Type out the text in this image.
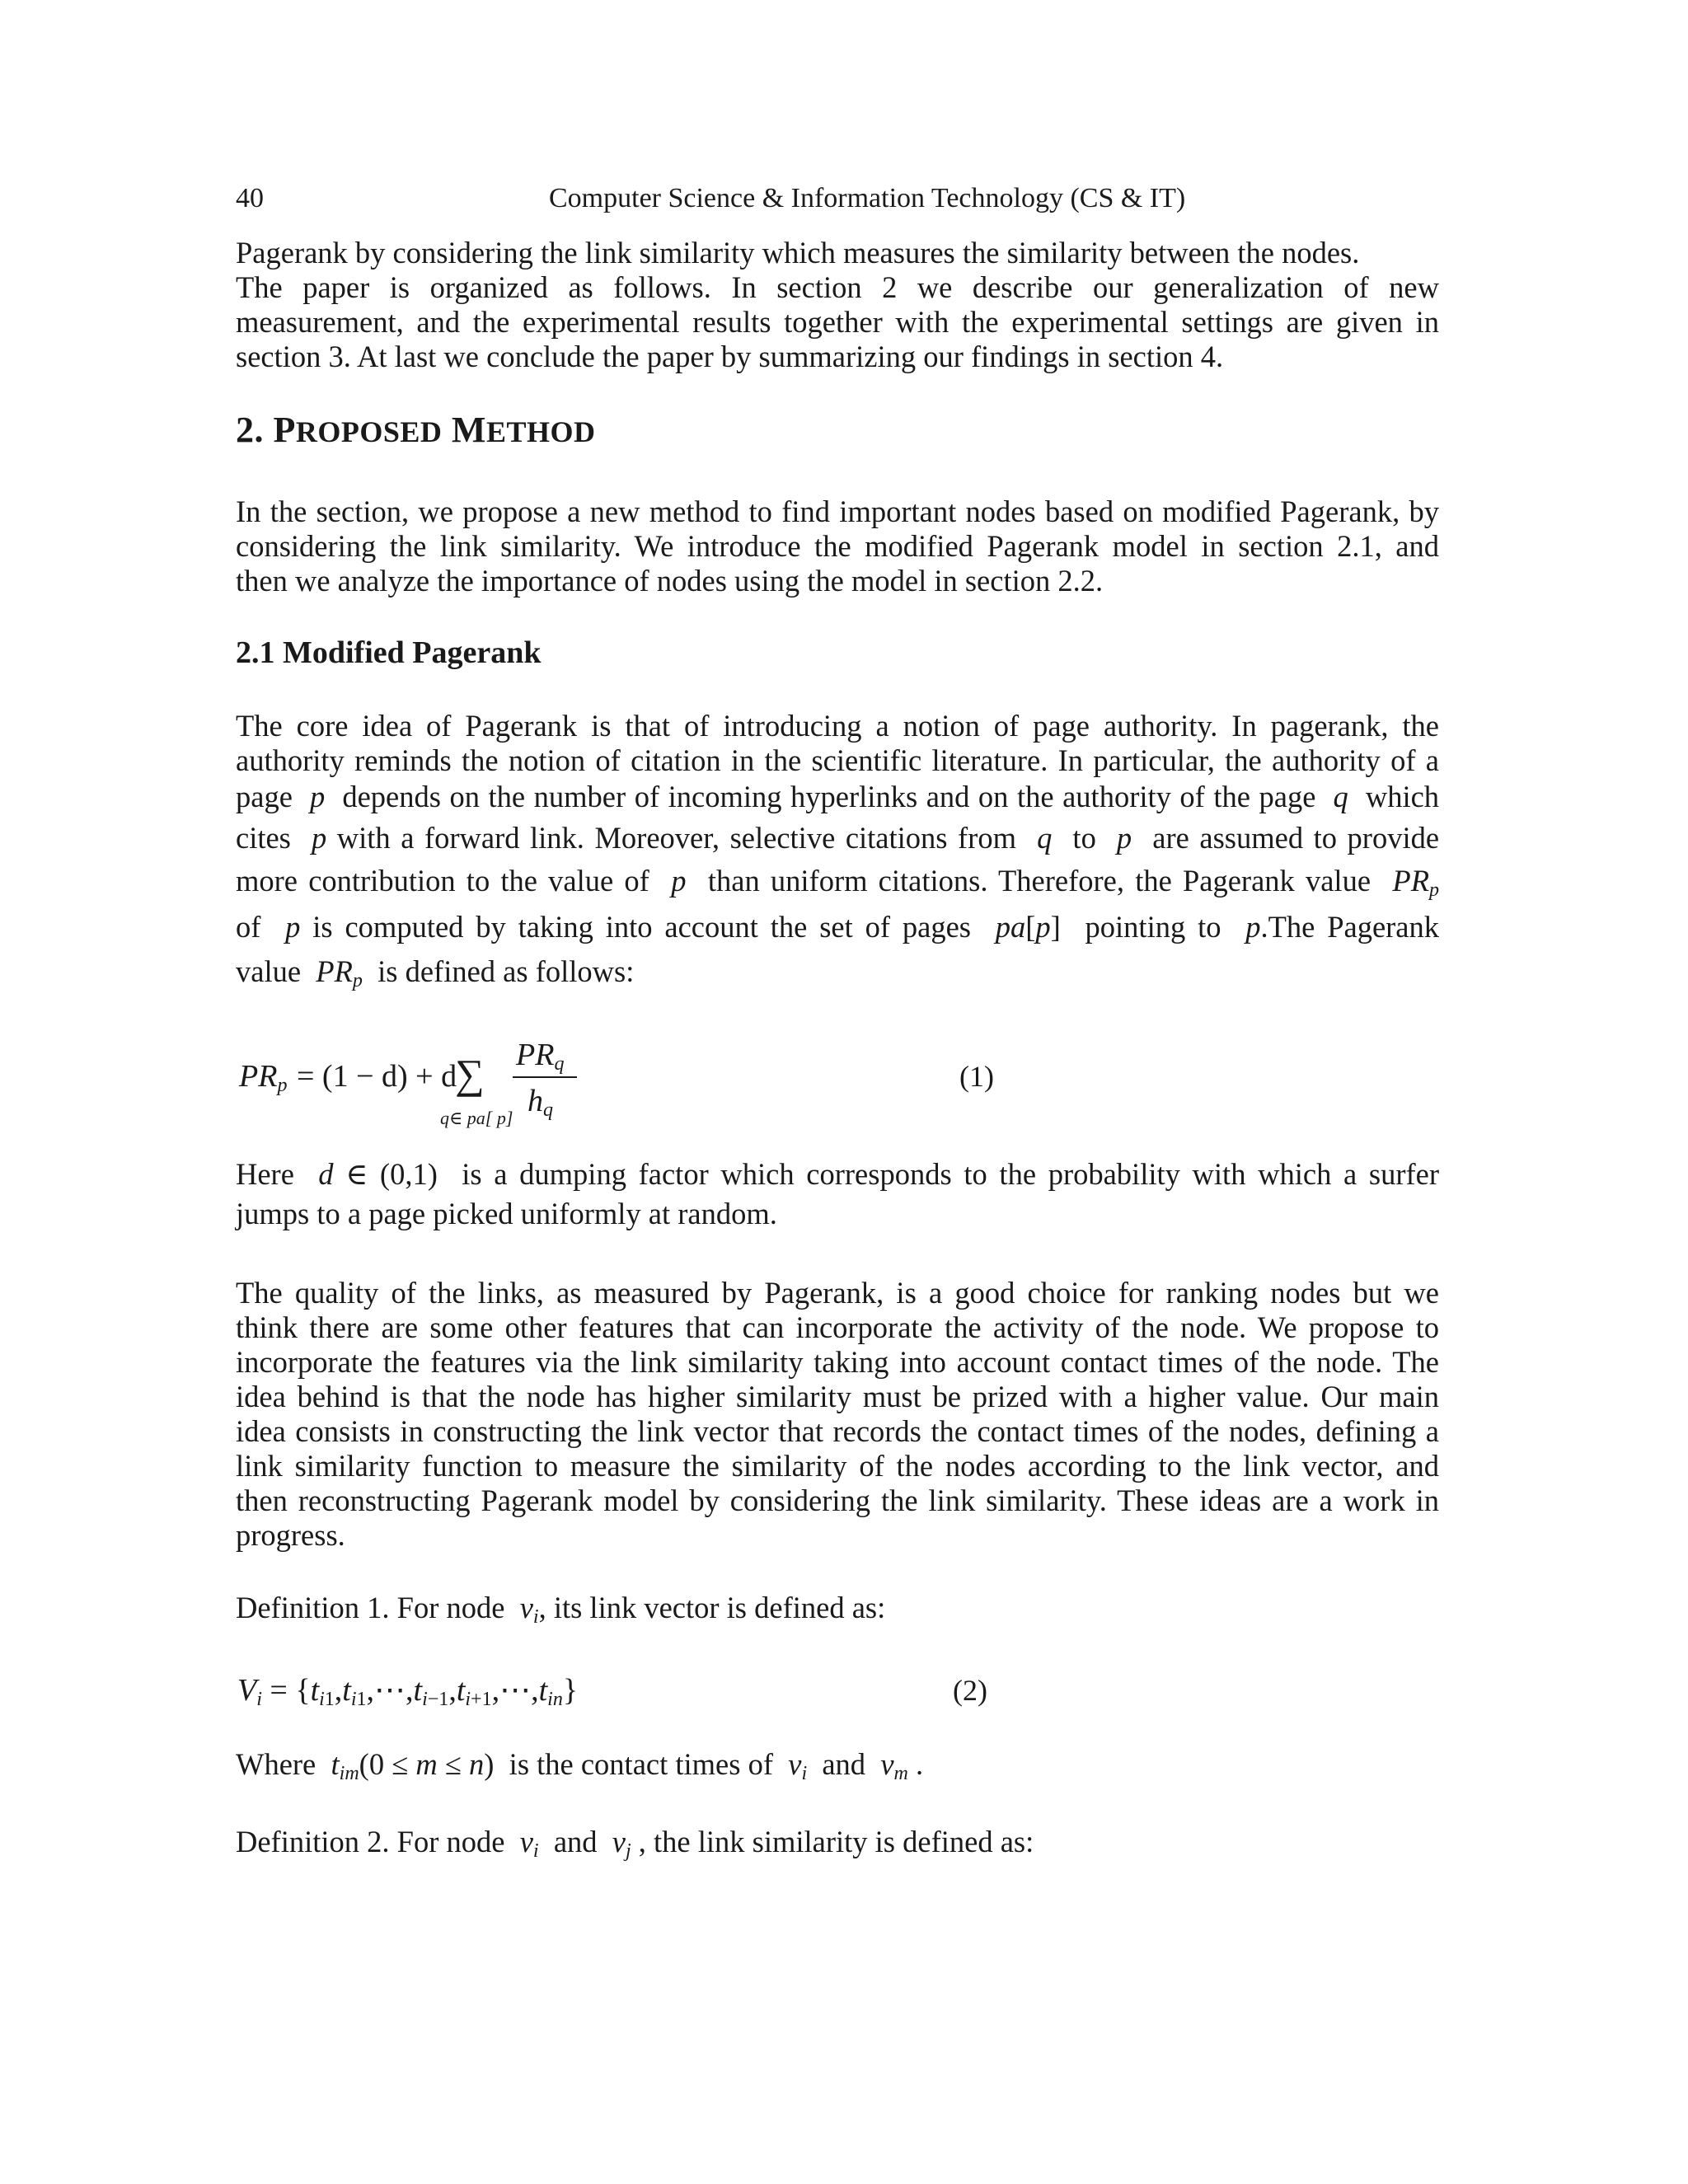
40	Computer Science & Information Technology (CS & IT)

Pagerank by considering the link similarity which measures the similarity between the nodes.

The paper is organized as follows. In section 2 we describe our generalization of new

measurement, and the experimental results together with the experimental settings are given in

section 3. At last we conclude the paper by summarizing our findings in section 4.

2. PROPOSED METHOD

In the section, we propose a new method to find important nodes based on modified Pagerank, by

considering the link similarity. We introduce the modified Pagerank model in section 2.1, and

then we analyze the importance of nodes using the model in section 2.2.

2.1 Modified Pagerank

The core idea of Pagerank is that of introducing a notion of page authority. In pagerank, the

authority reminds the notion of citation in the scientific literature. In particular, the authority of a

page p depends on the number of incoming hyperlinks and on the authority of the page q which

cites p with a forward link. Moreover, selective citations from q to p are assumed to provide

more contribution to the value of p than uniform citations. Therefore, the Pagerank value $PR_p$

of p is computed by taking into account the set of pages pa[p]  pointing to p.The Pagerank

value $PR_p$ is defined as follows:

$PR_p = (1 - d) + d$
∑
q∈ pa[ p]
$PR_q$
$h_q$
(1)

Here d ∈ (0,1)  is a dumping factor which corresponds to the probability with which a surfer

jumps to a page picked uniformly at random.

The quality of the links, as measured by Pagerank, is a good choice for ranking nodes but we

think there are some other features that can incorporate the activity of the node. We propose to

incorporate the features via the link similarity taking into account contact times of the node. The

idea behind is that the node has higher similarity must be prized with a higher value. Our main

idea consists in constructing the link vector that records the contact times of the nodes, defining a

link similarity function to measure the similarity of the nodes according to the link vector, and

then reconstructing Pagerank model by considering the link similarity. These ideas are a work in

progress.

Definition 1. For node $v_i$, its link vector is defined as:

$V_i$ = $\{t_{i1},t_{i1},\cdots,t_{i-1},t_{i+1},\cdots,t_{in}\}$	(2)

Where $t_{im}(0 \le m \le n)$  is the contact times of $v_i$ and $v_m$ .

Definition 2. For node $v_i$ and $v_j$ , the link similarity is defined as:
